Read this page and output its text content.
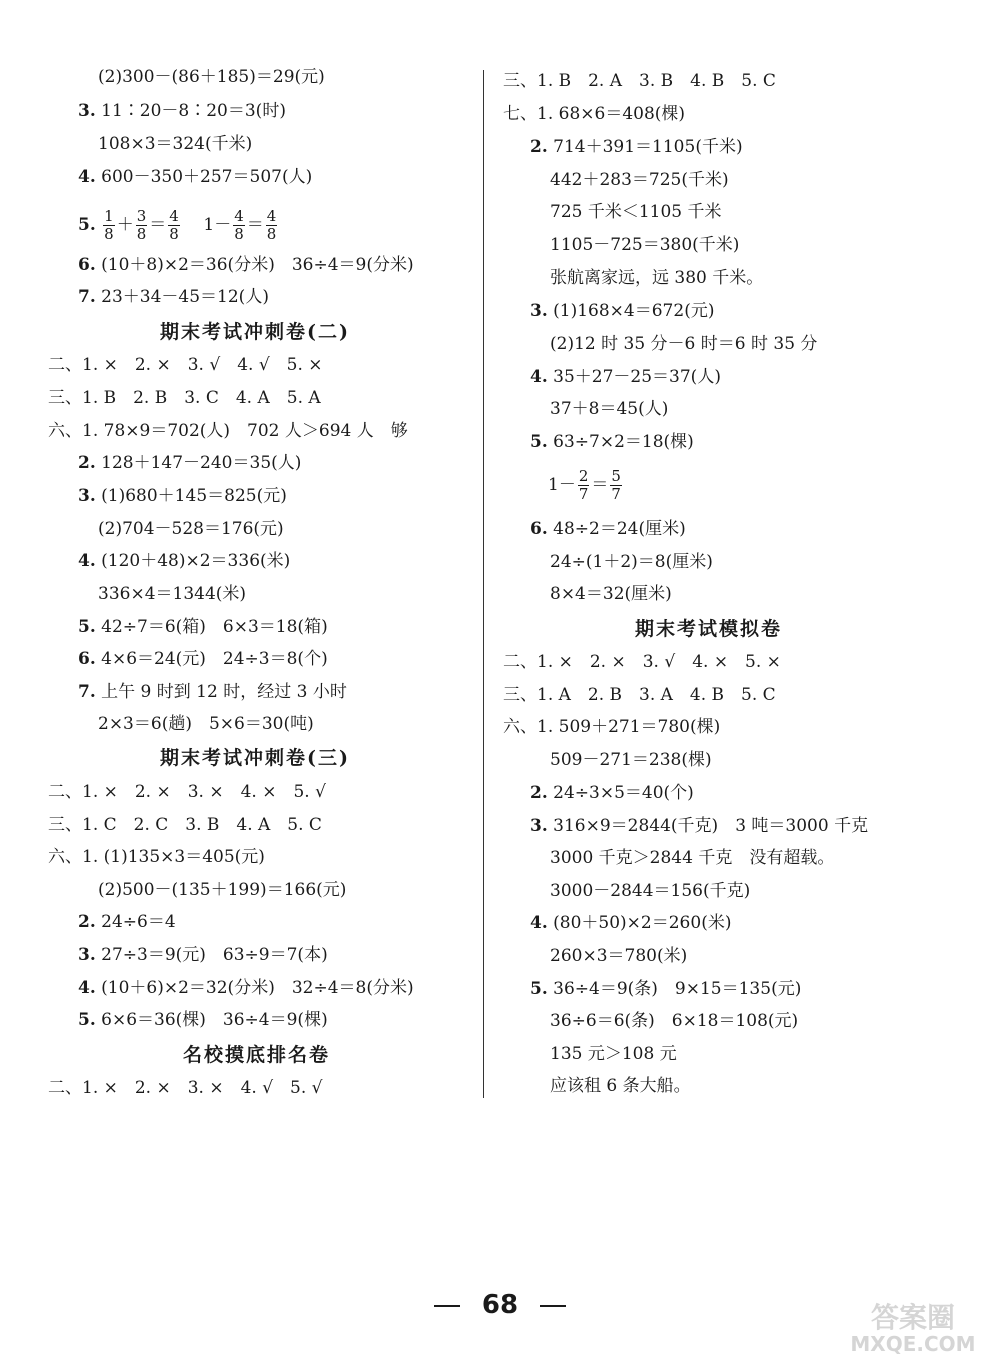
(2)300－(86＋185)＝29(元)
3. 11∶20－8∶20＝3(时)
108×3＝324(千米)
4. 600－350＋257＝507(人)
5. $\frac{1}{8} + \frac{3}{8} = \frac{4}{8} 1- \frac{4}{8} = \frac{4}{8}$
6. (10＋8)×2＝36(分米)　36÷4＝9(分米)
7. 23＋34－45＝12(人)
期末考试冲刺卷(二)
二、1. ×　2. ×　3. √　4. √　5. ×
三、1. B　2. B　3. C　4. A　5. A
六、1. 78×9＝702(人)　702 人＞694 人　够
2. 128＋147－240＝35(人)
3. (1)680＋145＝825(元)
(2)704－528＝176(元)
4. (120＋48)×2＝336(米)
336×4＝1344(米)
5. 42÷7＝6(箱)　6×3＝18(箱)
6. 4×6＝24(元)　24÷3＝8(个)
7. 上午 9 时到 12 时，经过 3 小时
2×3＝6(趟)　5×6＝30(吨)
期末考试冲刺卷(三)
二、1. ×　2. ×　3. ×　4. ×　5. √
三、1. C　2. C　3. B　4. A　5. C
六、1. (1)135×3＝405(元)
(2)500－(135＋199)＝166(元)
2. 24÷6＝4
3. 27÷3＝9(元)　63÷9＝7(本)
4. (10＋6)×2＝32(分米)　32÷4＝8(分米)
5. 6×6＝36(棵)　36÷4＝9(棵)
名校摸底排名卷
二、1. ×　2. ×　3. ×　4. √　5. √
三、1. B　2. A　3. B　4. B　5. C
七、1. 68×6＝408(棵)
2. 714＋391＝1105(千米)
442＋283＝725(千米)
725 千米＜1105 千米
1105－725＝380(千米)
张航离家远，远 380 千米。
3. (1)168×4＝672(元)
(2)12 时 35 分－6 时＝6 时 35 分
4. 35＋27－25＝37(人)
37＋8＝45(人)
5. 63÷7×2＝18(棵)
$1- \frac{2}{7} = \frac{5}{7}$
6. 48÷2＝24(厘米)
24÷(1＋2)＝8(厘米)
8×4＝32(厘米)
期末考试模拟卷
二、1. ×　2. ×　3. √　4. ×　5. ×
三、1. A　2. B　3. A　4. B　5. C
六、1. 509＋271＝780(棵)
509－271＝238(棵)
2. 24÷3×5＝40(个)
3. 316×9＝2844(千克)　3 吨＝3000 千克
3000 千克＞2844 千克　没有超载。
3000－2844＝156(千克)
4. (80＋50)×2＝260(米)
260×3＝780(米)
5. 36÷4＝9(条)　9×15＝135(元)
36÷6＝6(条)　6×18＝108(元)
135 元＞108 元
应该租 6 条大船。
68	答案圈
MXQE.COM
